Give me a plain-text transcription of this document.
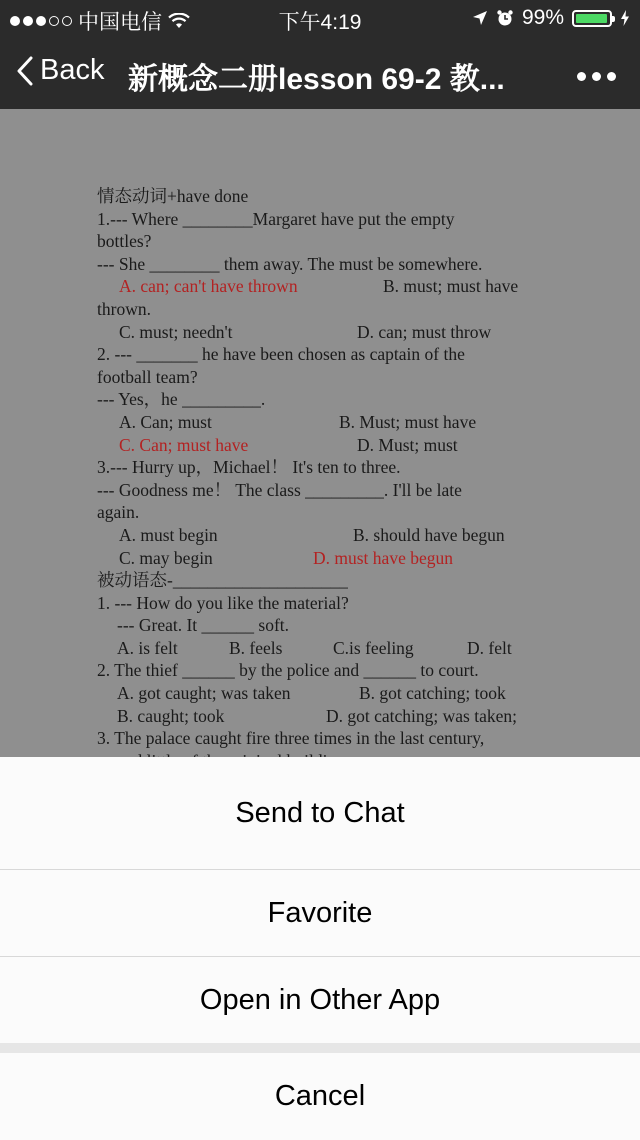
中国电信	下午4:19	99%
Back 新概念二册lesson 69-2 教...
情态动词+have done
1.--- Where ________Margaret have put the empty
bottles?
--- She ________ them away. The must be somewhere.
A. can; can't have thrown	B. must; must have
thrown.
C. must; needn't	D. can; must throw
2. --- _______ he have been chosen as captain of the
football team?
--- Yes，he _________.
A. Can; must	B. Must; must have
C. Can; must have	D. Must; must
3.--- Hurry up，Michael！ It's ten to three.
--- Goodness me！ The class _________. I'll be late
again.
A. must begin	B. should have begun
C. may begin	D. must have begun
被动语态-____________________
1. --- How do you like the material?
--- Great. It ______ soft.
A. is felt	B. feels	C.is feeling	D. felt
2. The thief ______ by the police and ______ to court.
A. got caught; was taken	B. got catching; took
B. caught; took	D. got catching; was taken;
3. The palace caught fire three times in the last century,
Send to Chat
Favorite
Open in Other App
Cancel
